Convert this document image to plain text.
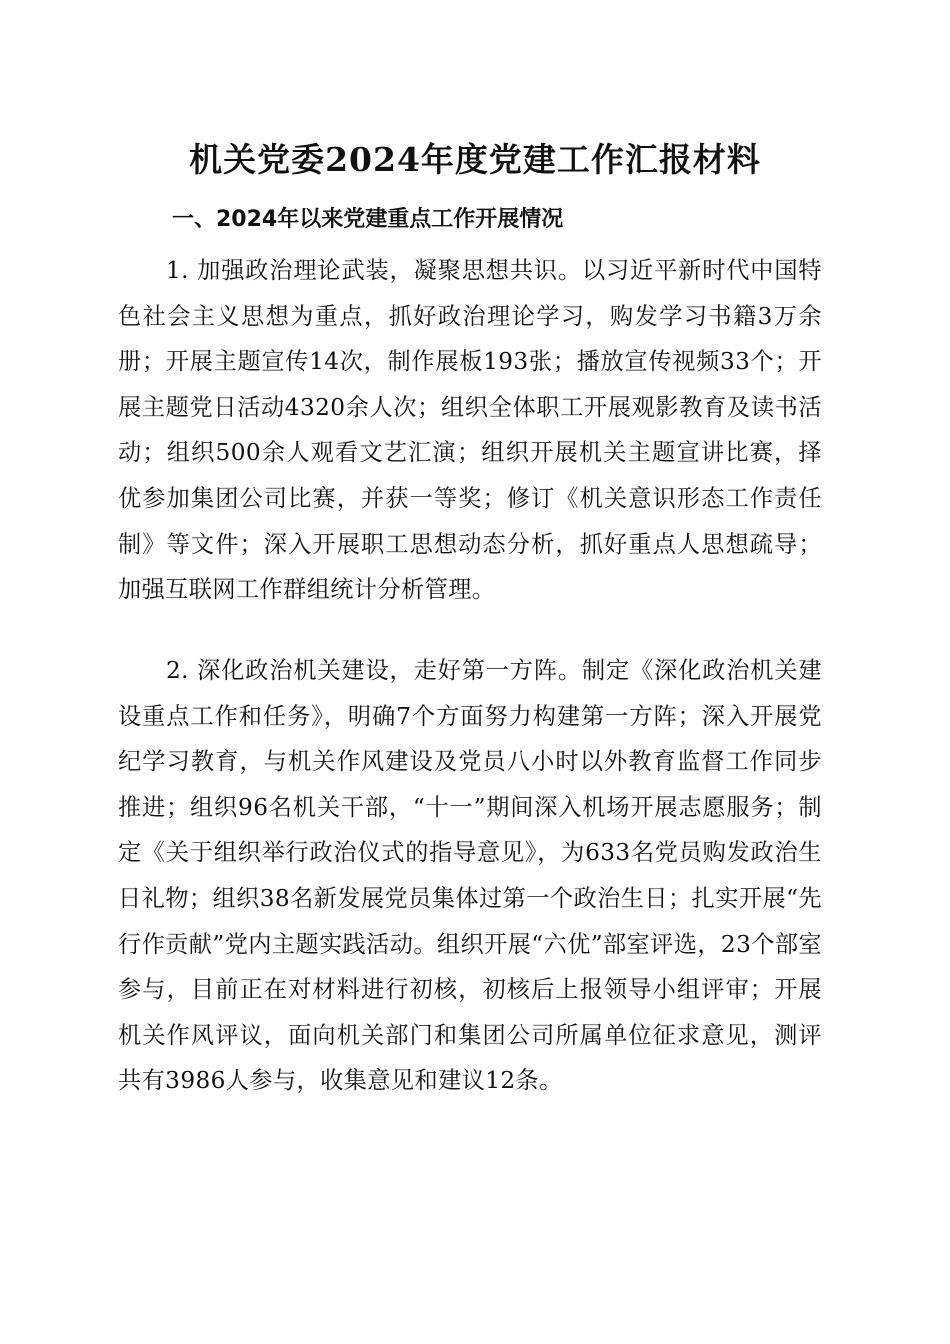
机关党委2024年度党建工作汇报材料
一、2024年以来党建重点工作开展情况

1. 加强政治理论武装，凝聚思想共识。以习近平新时代中国特色社会主义思想为重点，抓好政治理论学习，购发学习书籍3万余册；开展主题宣传14次，制作展板193张；播放宣传视频33个；开展主题党日活动4320余人次；组织全体职工开展观影教育及读书活动；组织500余人观看文艺汇演；组织开展机关主题宣讲比赛，择优参加集团公司比赛，并获一等奖；修订《机关意识形态工作责任制》等文件；深入开展职工思想动态分析，抓好重点人思想疏导；加强互联网工作群组统计分析管理。

2. 深化政治机关建设，走好第一方阵。制定《深化政治机关建设重点工作和任务》，明确7个方面努力构建第一方阵；深入开展党纪学习教育，与机关作风建设及党员八小时以外教育监督工作同步推进；组织96名机关干部，“十一”期间深入机场开展志愿服务；制定《关于组织举行政治仪式的指导意见》，为633名党员购发政治生日礼物；组织38名新发展党员集体过第一个政治生日；扎实开展“先行作贡献”党内主题实践活动。组织开展“六优”部室评选，23个部室参与，目前正在对材料进行初核，初核后上报领导小组评审；开展机关作风评议，面向机关部门和集团公司所属单位征求意见，测评共有3986人参与，收集意见和建议12条。
